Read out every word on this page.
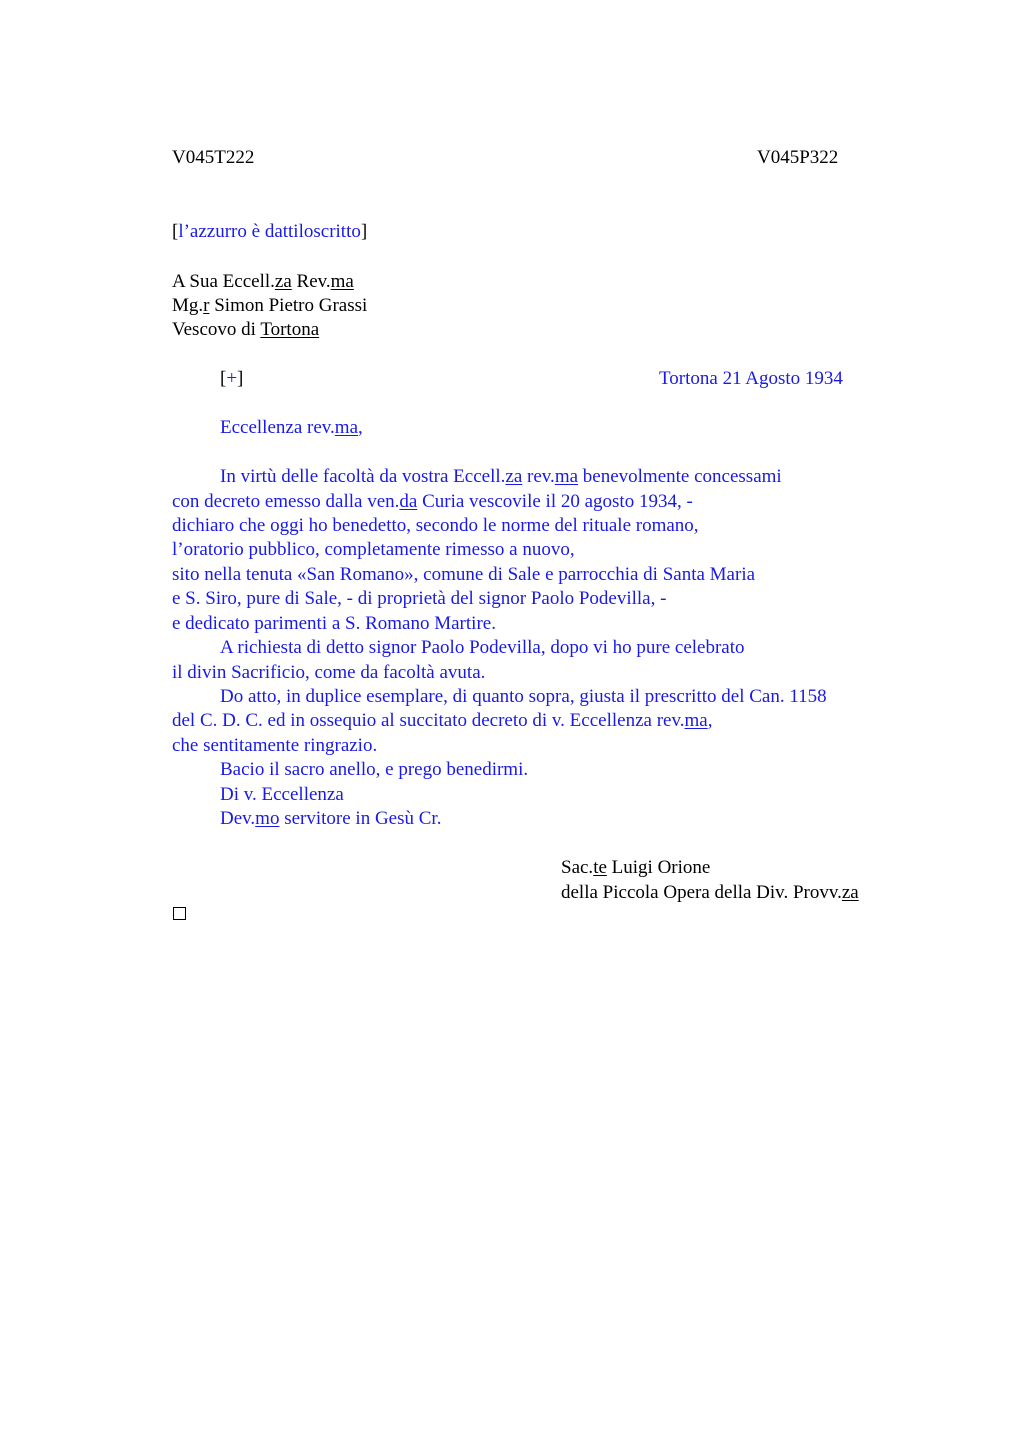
V045T222	V045P322
[l’azzurro è dattiloscritto]
A Sua Eccell.za Rev.ma
Mg.r Simon Pietro Grassi
Vescovo di Tortona
[+]	Tortona 21 Agosto 1934
Eccellenza rev.ma,
In virtù delle facoltà da vostra Eccell.za rev.ma benevolmente concessami
con decreto emesso dalla ven.da Curia vescovile il 20 agosto 1934, -
dichiaro che oggi ho benedetto, secondo le norme del rituale romano,
l’oratorio pubblico, completamente rimesso a nuovo,
sito nella tenuta «San Romano», comune di Sale e parrocchia di Santa Maria
e S. Siro, pure di Sale, - di proprietà del signor Paolo Podevilla, -
e dedicato parimenti a S. Romano Martire.
A richiesta di detto signor Paolo Podevilla, dopo vi ho pure celebrato
il divin Sacrificio, come da facoltà avuta.
Do atto, in duplice esemplare, di quanto sopra, giusta il prescritto del Can. 1158
del C. D. C. ed in ossequio al succitato decreto di v. Eccellenza rev.ma,
che sentitamente ringrazio.
Bacio il sacro anello, e prego benedirmi.
Di v. Eccellenza
Dev.mo servitore in Gesù Cr.
Sac.te Luigi Orione
della Piccola Opera della Div. Provv.za
